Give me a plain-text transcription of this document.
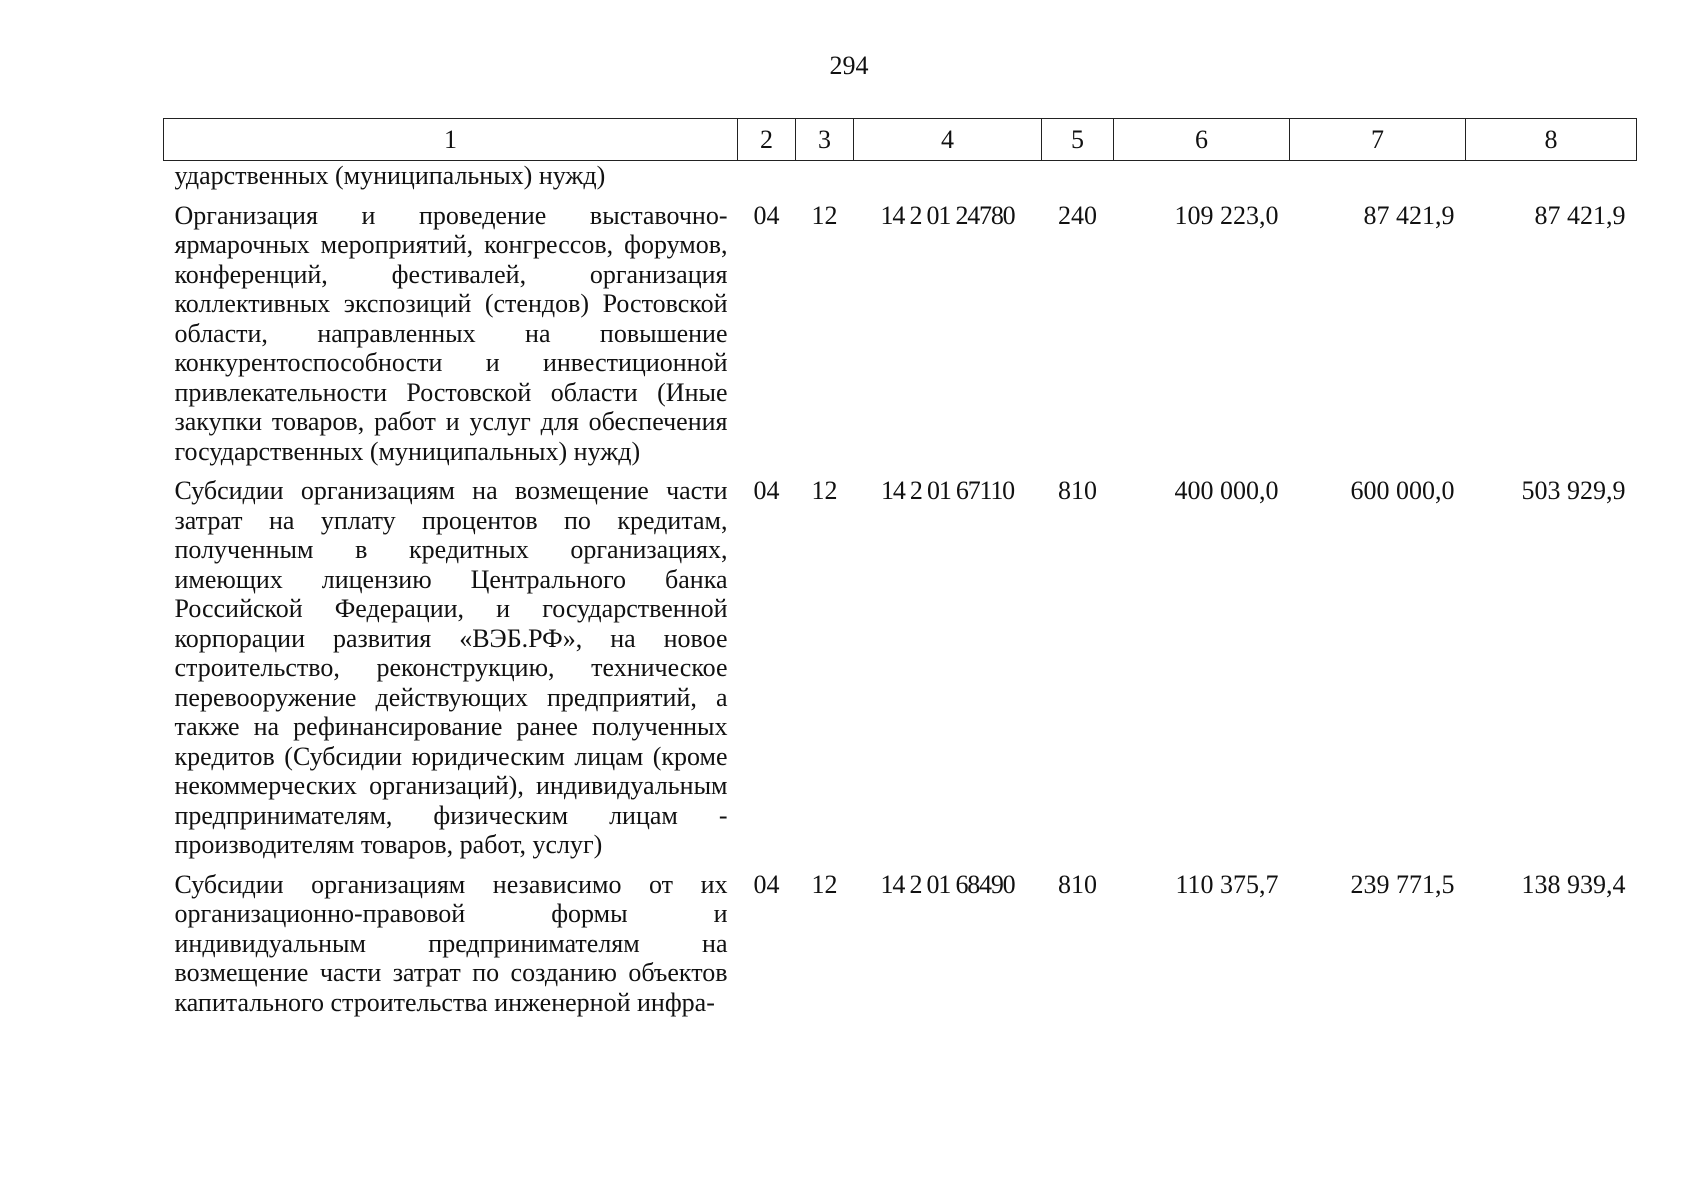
294
1	2	3	4	5	6	7	8
ударственных (муниципальных) нужд)							
Организация и проведение выставочно-ярмарочных мероприятий, конгрессов, форумов, конференций, фестивалей, организация коллективных экспозиций (стендов) Ростовской области, направленных на повышение конкурентоспособности и инвестиционной привлекательности Ростовской области (Иные закупки товаров, работ и услуг для обеспечения государственных (муниципальных) нужд)	04	12	14 2 01 24780	240	109 223,0	87 421,9	87 421,9
Субсидии организациям на возмещение части затрат на уплату процентов по кредитам, полученным в кредитных организациях, имеющих лицензию Центрального банка Российской Федерации, и государственной корпорации развития «ВЭБ.РФ», на новое строительство, реконструкцию, техническое перевооружение действующих предприятий, а также на рефинансирование ранее полученных кредитов (Субсидии юридическим лицам (кроме некоммерческих организаций), индивидуальным предпринимателям, физическим лицам - производителям товаров, работ, услуг)	04	12	14 2 01 67110	810	400 000,0	600 000,0	503 929,9
Субсидии организациям независимо от их организационно-правовой формы и индивидуальным предпринимателям на возмещение части затрат по созданию объектов капитального строительства инженерной инфра-	04	12	14 2 01 68490	810	110 375,7	239 771,5	138 939,4
